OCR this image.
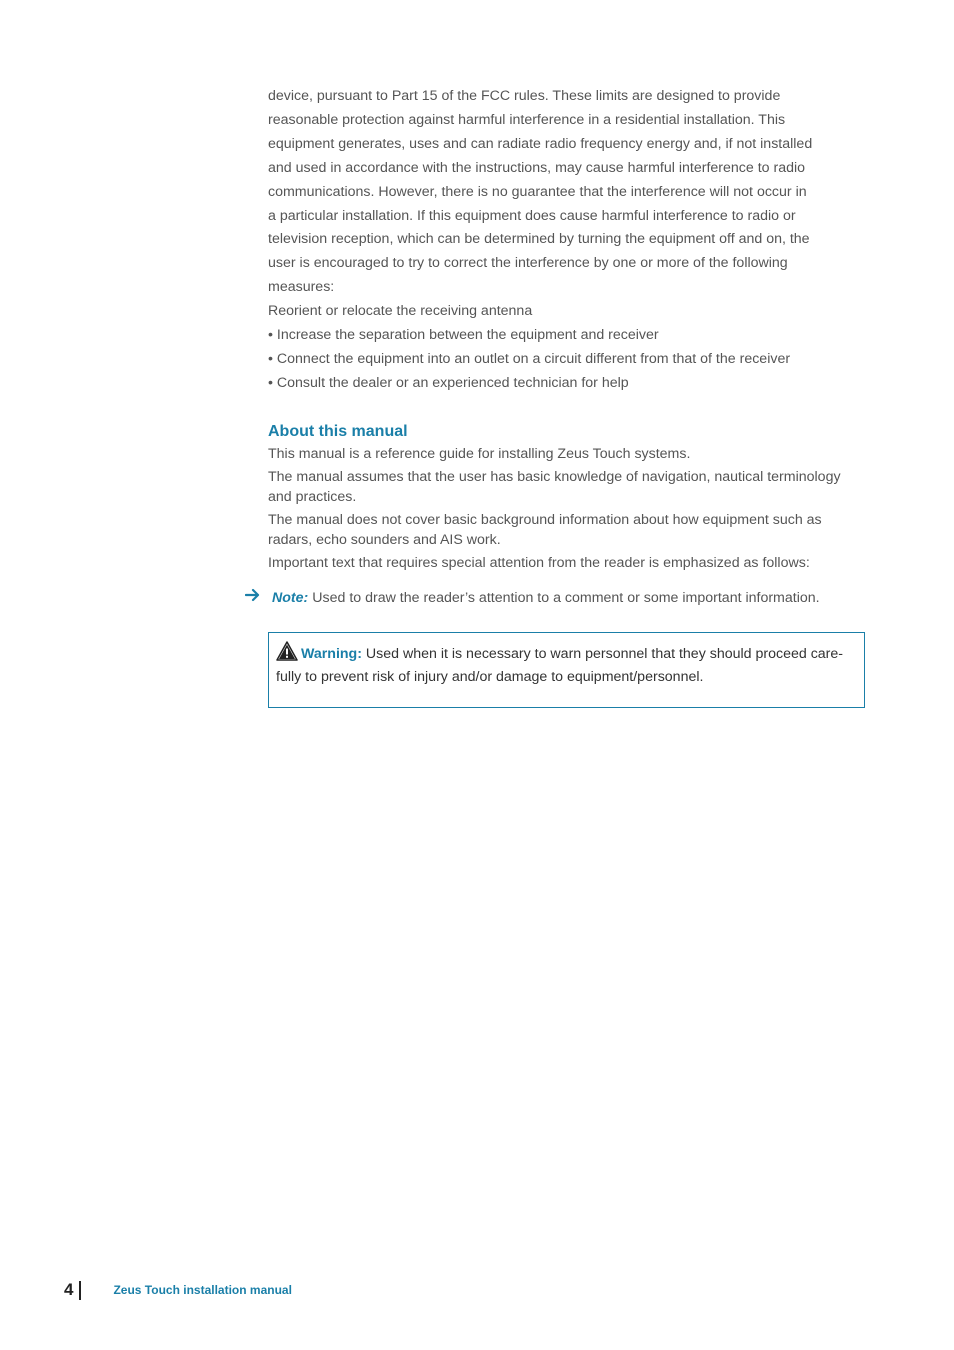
device, pursuant to Part 15 of the FCC rules. These limits are designed to provide

reasonable protection against harmful interference in a residential installation. This

equipment generates, uses and can radiate radio frequency energy and, if not installed

and used in accordance with the instructions, may cause harmful interference to radio

communications. However, there is no guarantee that the interference will not occur in

a particular installation. If this equipment does cause harmful interference to radio or

television reception, which can be determined by turning the equipment off and on, the

user is encouraged to try to correct the interference by one or more of the following

measures:

Reorient or relocate the receiving antenna

• Increase the separation between the equipment and receiver

• Connect the equipment into an outlet on a circuit different from that of the receiver

• Consult the dealer or an experienced technician for help

About this manual

This manual is a reference guide for installing Zeus Touch systems.

The manual assumes that the user has basic knowledge of navigation, nautical terminology and practices.

The manual does not cover basic background information about how equipment such as radars, echo sounders and AIS work.

Important text that requires special attention from the reader is emphasized as follows:

Note: Used to draw the reader’s attention to a comment or some important information.
Warning: Used when it is necessary to warn personnel that they should proceed care-fully to prevent risk of injury and/or damage to equipment/personnel.
4	Zeus Touch installation manual
